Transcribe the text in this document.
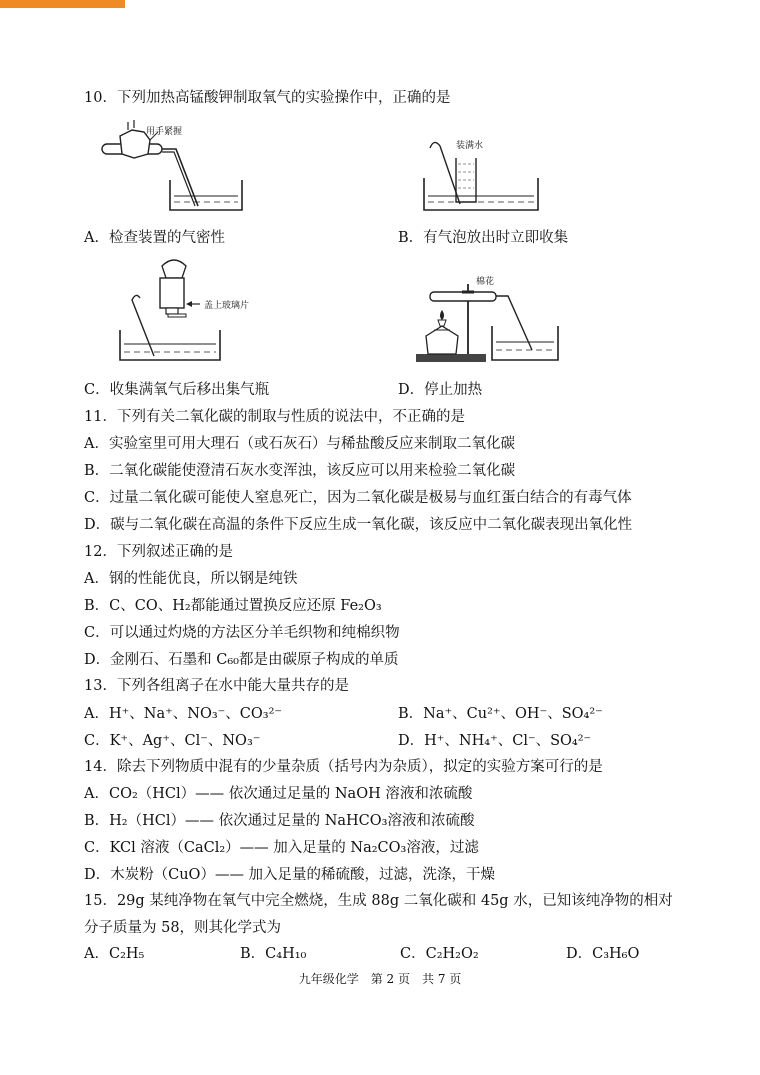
10．下列加热高锰酸钾制取氧气的实验操作中，正确的是
用手紧握
装满水
A．检查装置的气密性	B．有气泡放出时立即收集
盖上玻璃片
棉花
C．收集满氧气后移出集气瓶	D．停止加热
11．下列有关二氧化碳的制取与性质的说法中，不正确的是
A．实验室里可用大理石（或石灰石）与稀盐酸反应来制取二氧化碳
B．二氧化碳能使澄清石灰水变浑浊，该反应可以用来检验二氧化碳
C．过量二氧化碳可能使人窒息死亡，因为二氧化碳是极易与血红蛋白结合的有毒气体
D．碳与二氧化碳在高温的条件下反应生成一氧化碳，该反应中二氧化碳表现出氧化性
12．下列叙述正确的是
A．钢的性能优良，所以钢是纯铁
B．C、CO、H₂都能通过置换反应还原 Fe₂O₃
C．可以通过灼烧的方法区分羊毛织物和纯棉织物
D．金刚石、石墨和 C₆₀都是由碳原子构成的单质
13．下列各组离子在水中能大量共存的是
A．H⁺、Na⁺、NO₃⁻、CO₃²⁻	B．Na⁺、Cu²⁺、OH⁻、SO₄²⁻
C．K⁺、Ag⁺、Cl⁻、NO₃⁻	D．H⁺、NH₄⁺、Cl⁻、SO₄²⁻
14．除去下列物质中混有的少量杂质（括号内为杂质），拟定的实验方案可行的是
A．CO₂（HCl）—— 依次通过足量的 NaOH 溶液和浓硫酸
B．H₂（HCl）—— 依次通过足量的 NaHCO₃溶液和浓硫酸
C．KCl 溶液（CaCl₂）—— 加入足量的 Na₂CO₃溶液，过滤
D．木炭粉（CuO）—— 加入足量的稀硫酸，过滤，洗涤，干燥
15．29g 某纯净物在氧气中完全燃烧，生成 88g 二氧化碳和 45g 水，已知该纯净物的相对
分子质量为 58，则其化学式为
A．C₂H₅	B．C₄H₁₀	C．C₂H₂O₂	D．C₃H₆O
九年级化学　第 2 页　共 7 页
